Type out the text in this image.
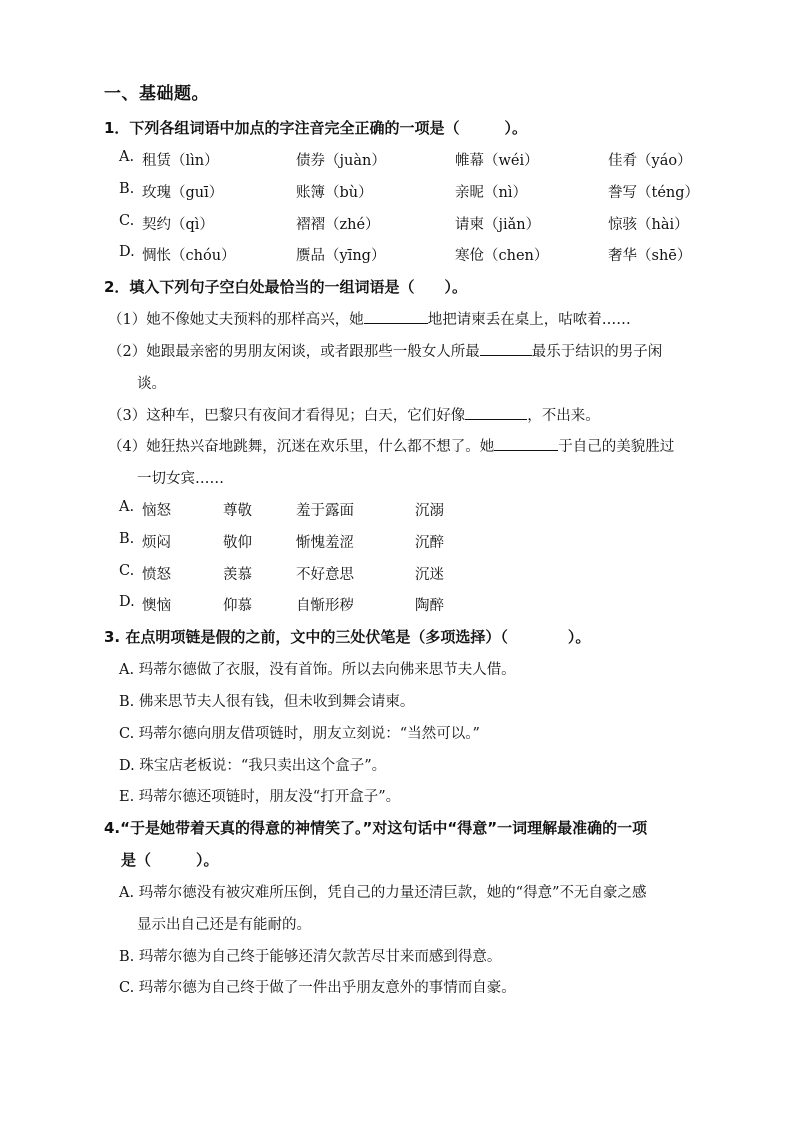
一、基础题。
1．下列各组词语中加点的字注音完全正确的一项是（　　　）。
A. 租赁（lìn）	债券（juàn）	帷幕（wéi）	佳肴（yáo）
B. 玫瑰（guī）	账簿（bù）	亲昵（nì）	誊写（téng）
C. 契约（qì）	褶褶（zhé）	请柬（jiǎn）	惊骇（hài）
D. 惆怅（chóu）	赝品（yīng）	寒伧（chen）	奢华（shē）
2．填入下列句子空白处最恰当的一组词语是（　　）。
（1）她不像她丈夫预料的那样高兴，她	地把请柬丢在桌上，咕哝着……
（2）她跟最亲密的男朋友闲谈，或者跟那些一般女人所最	最乐于结识的男子闲
谈。
（3）这种车，巴黎只有夜间才看得见；白天，它们好像	，不出来。
（4）她狂热兴奋地跳舞，沉迷在欢乐里，什么都不想了。她	于自己的美貌胜过
一切女宾……
A. 恼怒	尊敬	羞于露面	沉溺
B. 烦闷	敬仰	惭愧羞涩	沉醉
C. 愤怒	羡慕	不好意思	沉迷
D. 懊恼	仰慕	自惭形秽	陶醉
3. 在点明项链是假的之前，文中的三处伏笔是（多项选择）（　　　　）。
A. 玛蒂尔德做了衣服，没有首饰。所以去向佛来思节夫人借。
B. 佛来思节夫人很有钱，但未收到舞会请柬。
C. 玛蒂尔德向朋友借项链时，朋友立刻说：“当然可以。”
D. 珠宝店老板说：“我只卖出这个盒子”。
E. 玛蒂尔德还项链时，朋友没“打开盒子”。
4.“于是她带着天真的得意的神情笑了。”对这句话中“得意”一词理解最准确的一项
是（　　　）。
A. 玛蒂尔德没有被灾难所压倒，凭自己的力量还清巨款，她的“得意”不无自豪之感
显示出自己还是有能耐的。
B. 玛蒂尔德为自己终于能够还清欠款苦尽甘来而感到得意。
C. 玛蒂尔德为自己终于做了一件出乎朋友意外的事情而自豪。
